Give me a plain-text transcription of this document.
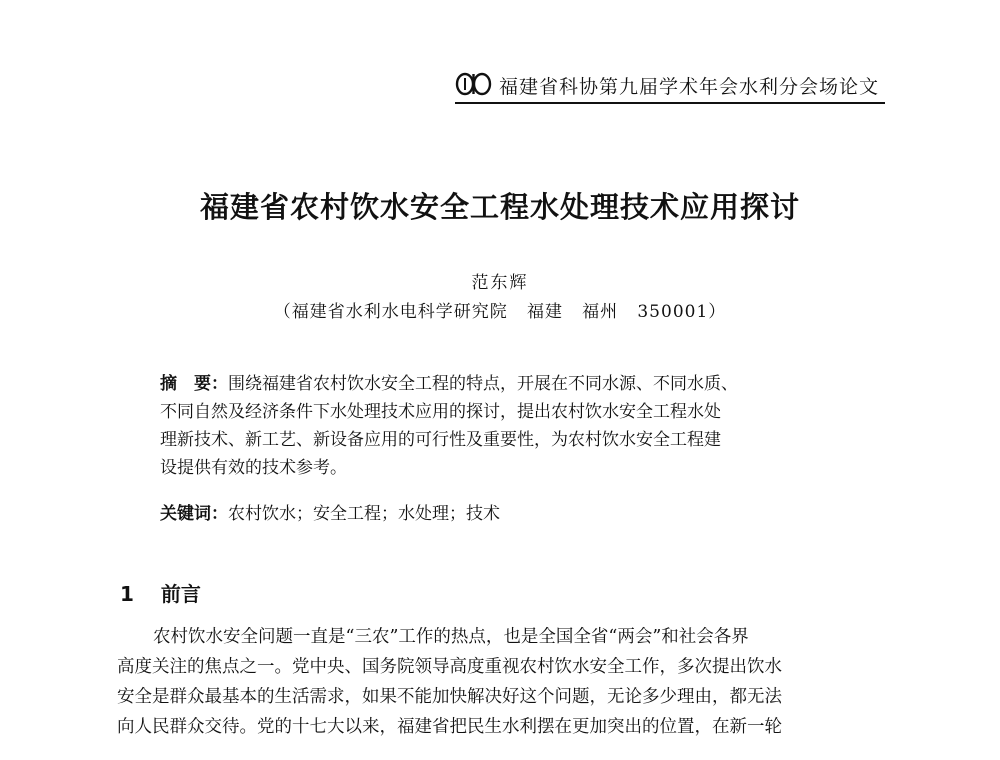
福建省科协第九届学术年会水利分会场论文
福建省农村饮水安全工程水处理技术应用探讨
范东辉
（福建省水利水电科学研究院   福建   福州   350001）
摘　要：围绕福建省农村饮水安全工程的特点，开展在不同水源、不同水质、
不同自然及经济条件下水处理技术应用的探讨，提出农村饮水安全工程水处
理新技术、新工艺、新设备应用的可行性及重要性，为农村饮水安全工程建
设提供有效的技术参考。
关键词：农村饮水；安全工程；水处理；技术
1　 前言
农村饮水安全问题一直是“三农”工作的热点，也是全国全省“两会”和社会各界
高度关注的焦点之一。党中央、国务院领导高度重视农村饮水安全工作，多次提出饮水
安全是群众最基本的生活需求，如果不能加快解决好这个问题，无论多少理由，都无法
向人民群众交待。党的十七大以来，福建省把民生水利摆在更加突出的位置，在新一轮
